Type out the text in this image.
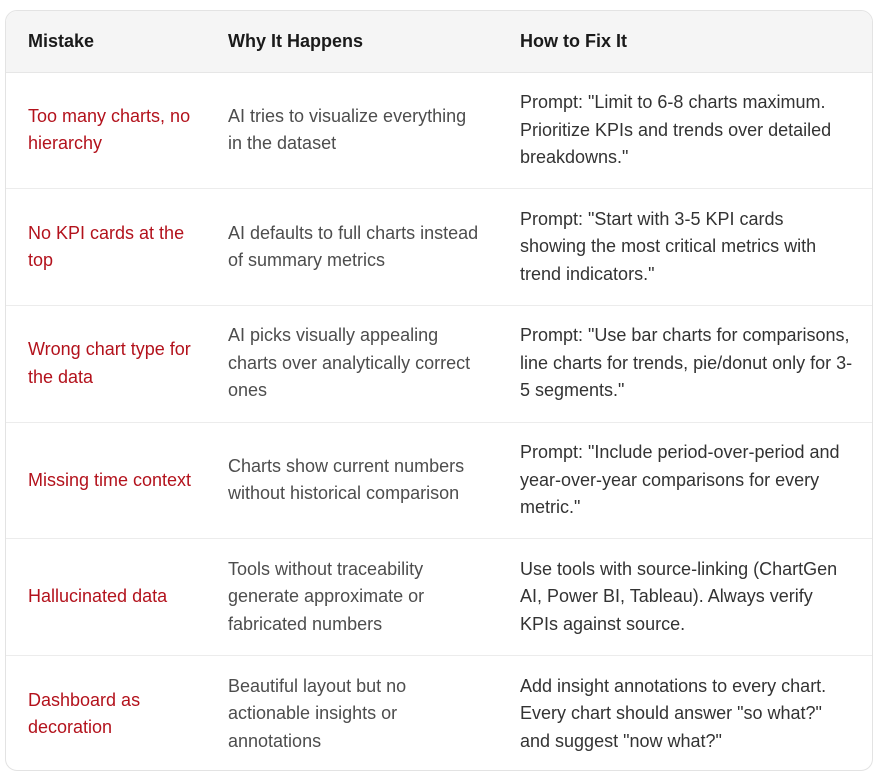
Mistake	Why It Happens	How to Fix It
Too many charts, no hierarchy	AI tries to visualize everything in the dataset	Prompt: "Limit to 6-8 charts maximum. Prioritize KPIs and trends over detailed breakdowns."
No KPI cards at the top	AI defaults to full charts instead of summary metrics	Prompt: "Start with 3-5 KPI cards showing the most critical metrics with trend indicators."
Wrong chart type for the data	AI picks visually appealing charts over analytically correct ones	Prompt: "Use bar charts for comparisons, line charts for trends, pie/donut only for 3-5 segments."
Missing time context	Charts show current numbers without historical comparison	Prompt: "Include period-over-period and year-over-year comparisons for every metric."
Hallucinated data	Tools without traceability generate approximate or fabricated numbers	Use tools with source-linking (ChartGen AI, Power BI, Tableau). Always verify KPIs against source.
Dashboard as decoration	Beautiful layout but no actionable insights or annotations	Add insight annotations to every chart. Every chart should answer "so what?" and suggest "now what?"
